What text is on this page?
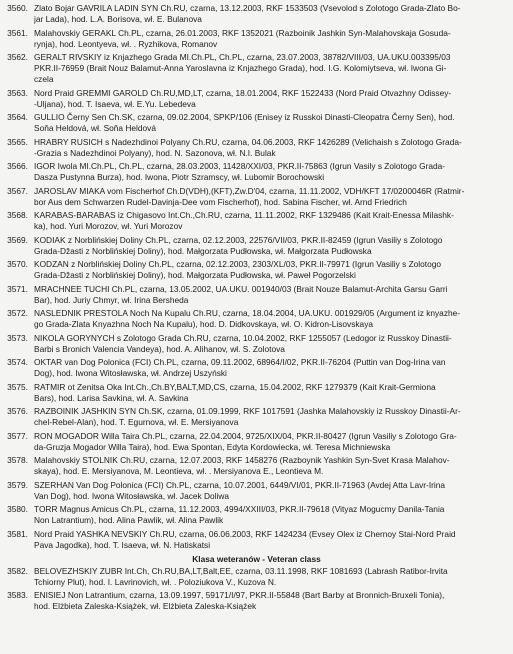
3560. Zlato Bojar GAVRILA LADIN SYN Ch.RU, czarna, 13.12.2003, RKF 1533503 (Vsevolod s Zolotogo Grada-Zlato Bo-
jar Lada), hod. L.A. Borisova, wł. E. Bulanova
3561. Malahovskiy GERAKL Ch.PL, czarna, 26.01.2003, RKF 1352021 (Razboinik Jashkin Syn-Malahovskaja Gosuda-
rynja), hod. Leontyeva, wł. . Ryzhikova, Romanov
3562. GERALT RIVSKIY iz Knjazhego Grada MI.Ch.PL, Ch.PL, czarna, 23.07.2003, 38782/VIII/03, UA.UKU.003395/03
PKR.II-76959 (Brait Nouz Balamut-Anna Yaroslavna iz Knjazhego Grada), hod. I.G. Kolomiytseva, wł. Iwona Gi-
czela
3563. Nord Praid GREMMI GAROLD Ch.RU,MD,LT, czarna, 18.01.2004, RKF 1522433 (Nord Praid Otvazhny Odissey-
-Uljana), hod. T. Isaeva, wł. E.Yu. Lebedeva
3564. GULLIO Černy Sen Ch.SK, czarna, 09.02.2004, SPKP/106 (Enisey iz Russkoi Dinasti-Cleopatra Černy Sen), hod.
Soňa Heldová, wł. Soňa Heldová
3565. HRABRY RUSICH s Nadezhdinoi Polyany Ch.RU, czarna, 04.06.2003, RKF 1426289 (Velichaish s Zolotogo Grada-
-Grazia s Nadezhdinoi Polyany), hod. N. Sazonova, wł. N.I. Bulak
3566. IGOR Iwola MI.Ch.PL, Ch.PL, czarna, 28.03.2003, 11428/XXI/03, PKR.II-75863 (Igrun Vasily s Zolotogo Grada-
Dasza Pustynna Burza), hod. Iwona, Piotr Szramscy, wł. Lubomir Borochowski
3567. JAROSLAV MIAKA vom Fischerhof Ch.D(VDH),(KFT),Zw.D'04, czarna, 11.11.2002, VDH/KFT 17/0200046R (Ratmir-
bor Aus dem Schwarzen Rudel-Davinja-Dee vom Fischerhof), hod. Sabina Fischer, wł. Arnd Friedrich
3568. KARABAS-BARABAS iz Chigasovo Int.Ch.,Ch.RU, czarna, 11.11.2002, RKF 1329486 (Kait Krait-Enessa Milashk-
ka), hod. Yuri Morozov, wł. Yuri Morozov
3569. KODIAK z Norblińskiej Doliny Ch.PL, czarna, 02.12.2003, 22576/VII/03, PKR.II-82459 (Igrun Vasiliy s Zolotogo
Grada-Džasti z Norblińskiej Doliny), hod. Małgorzata Pudłowska, wł. Małgorzata Pudłowska
3570. KODZAN z Norblińskiej Doliny Ch.PL, czarna, 02.12.2003, 2303/XL/03, PKR.II-79971 (Igrun Vasiliy s Zolotogo
Grada-Džasti z Norblińskiej Doliny), hod. Małgorzata Pudłowska, wł. Paweł Pogorzelski
3571. MRACHNEE TUCHI Ch.PL, czarna, 13.05.2002, UA.UKU. 001940/03 (Brait Nouze Balamut-Archita Garsu Garri
Bar), hod. Juriy Chmyr, wł. Irina Bersheda
3572. NASLEDNIK PRESTOLA Noch Na Kupalu Ch.RU, czarna, 18.04.2004, UA.UKU. 001929/05 (Argument iz knyazhe-
go Grada-Zlata Knyazhna Noch Na Kupalu), hod. D. Didkovskaya, wł. O. Kidron-Lisovskaya
3573. NIKOLA GORYNYCH s Zolotogo Grada Ch.RU, czarna, 10.04.2002, RKF 1255057 (Ledogor iz Russkoy Dinastii-
Barbi s Bronich Valencia Vandeya), hod. A. Alihanov, wł. S. Zolotova
3574. OKTAR van Dog Polonica (FCI) Ch.PL, czarna, 09.11.2002, 68964/I/02, PKR.II-76204 (Puttin van Dog-Irina van
Dog), hod. Iwona Witosławska, wł. Andrzej Uszyński
3575. RATMIR ot Zenitsa Oka Int.Ch.,Ch.BY,BALT,MD,CS, czarna, 15.04.2002, RKF 1279379 (Kait Krait-Germiona
Bars), hod. Larisa Savkina, wł. A. Savkina
3576. RAZBOINIK JASHKIN SYN Ch.SK, czarna, 01.09.1999, RKF 1017591 (Jashka Malahovskiy iz Russkoy Dinastii-Ar-
chel-Rebel-Alan), hod. T. Egurnova, wł. E. Mersiyanova
3577. RON MOGADOR Willa Taira Ch.PL, czarna, 22.04.2004, 9725/XIX/04, PKR.II-80427 (Igrun Vasiliy s Zolotogo Gra-
da-Gruzja Mogador Willa Taira), hod. Ewa Spontan, Edyta Kordowiecka, wł. Teresa Michniewska
3578. Malahovskiy STOLNIK Ch.RU, czarna, 12.07.2003, RKF 1458276 (Razboynik Yashkin Syn-Svet Krasa Malahov-
skaya), hod. E. Mersiyanova, M. Leontieva, wł. . Mersiyanova E., Leontieva M.
3579. SZERHAN Van Dog Polonica (FCI) Ch.PL, czarna, 10.07.2001, 6449/VI/01, PKR.II-71963 (Avdej Atta Lavr-Irina
Van Dog), hod. Iwona Witosławska, wł. Jacek Doliwa
3580. TORR Magnus Amicus Ch.PL, czarna, 11.12.2003, 4994/XXIII/03, PKR.II-79618 (Vityaz Mogucmy Danila-Tania
Non Latrantium), hod. Alina Pawlik, wł. Alina Pawlik
3581. Nord Praid YASHKA NEVSKIY Ch.RU, czarna, 06.06.2003, RKF 1424234 (Evsey Olex iz Chernoy Stai-Nord Praid
Pava Jagodka), hod. T. Isaeva, wł. N. Hatiskatsi
Klasa weteranów - Veteran class
3582. BELOVEZHSKIY ZUBR Int.Ch, Ch.RU,BA,LT,Balt,EE, czarna, 03.11.1998, RKF 1081693 (Labrash Ratibor-Irvita
Tchiorny Plut), hod. I. Lavrinovich, wł. . Poloziukova V., Kuzova N.
3583. ENISIEJ Non Latrantium, czarna, 13.09.1997, 59171/I/97, PKR.II-55848 (Bart Barby at Bronnich-Bruxeli Tonia),
hod. Elżbieta Zaleska-Książek, wł. Elżbieta Zaleska-Książek
